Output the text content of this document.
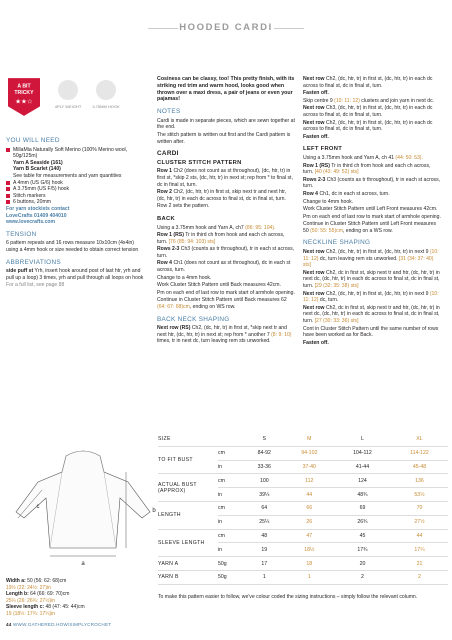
HOODED CARDI
A BIT
TRICKY
★★☆
4PLY WEIGHT	3.75MM HOOK
YOU WILL NEED
MillaMia Naturally Soft Merino (100% Merino wool, 50g/125m)
Yarn A Seaside (161)
Yarn B Scarlet (140)
See table for measurements and yarn quantities
A 4mm (US G/6) hook
A 3.75mm (US F/5) hook
Stitch markers
6 buttons, 20mm
For yarn stockists contact
LoveCrafts 01409 404010
www.lovecrafts.com
TENSION

6 pattern repeats and 16 rows measure 10x10cm (4x4in) using a 4mm hook or size needed to obtain correct tension

ABBREVIATIONS

side puff st Yrh, insert hook around post of last htr, yrh and pull up a loop) 3 times, yrh and pull through all loops on hook

For a full list, see page 88

Cosiness can be classy, too! This pretty finish, with its striking red trim and warm hood, looks good when thrown over a maxi dress, a pair of jeans or even your pajamas!

NOTES

Cardi is made in separate pieces, which are sewn together at the end.

The stitch pattern is written out first and the Cardi pattern is written after.

CARDI
CLUSTER STITCH PATTERN

Row 1 Ch2 (does not count as st throughout), (dc, htr, tr) in first st, *skip 2 sts, (dc, htr, tr) in next st; rep from * to final st, dc in final st, turn.

Row 2 Ch2, (dc, htr, tr) in first st, skip next tr and next htr, (dc, htr, tr) in each dc across to final st, dc in final st, turn.

Row 2 sets the pattern.

BACK

Using a 3.75mm hook and Yarn A, ch7 (86: 95: 104).

Row 1 (RS) Tr in third ch from hook and each ch across, turn. [76 (85: 94: 103) sts]

Rows 2-3 Ch3 (counts as tr throughout), tr in each st across, turn.

Row 4 Ch1 (does not count as st throughout), dc in each st across, turn.

Change to a 4mm hook.

Work Cluster Stitch Pattern until Back measures 42cm.

Pm on each end of last row to mark start of armhole opening.

Continue in Cluster Stitch Pattern until Back measures 62 (64: 67: 68)cm, ending on WS row.

BACK NECK SHAPING

Next row (RS) Ch2, (dc, htr, tr) in first st, *skip next tr and next htr, (dc, htr, tr) in next st; rep from * another 7 (8: 9: 10) times, tr in next dc, turn leaving rem sts unworked.

Next row Ch2, (dc, htr, tr) in first st, (dc, htr, tr) in each dc across to final st, dc in final st, turn.

Fasten off.

Skip centre 9 (10: 11: 12) clusters and join yarn in next dc.

Next row Ch3, (dc, htr, tr) in first st, (dc, htr, tr) in each dc across to final st, dc in final st, turn.

Next row Ch2, (dc, htr, tr) in first st, (dc, htr, tr) in each dc across to final st, dc in final st, turn.

Fasten off.

LEFT FRONT

Using a 3.75mm hook and Yarn A, ch 41 (44: 50: 53).

Row 1 (RS) Tr in third ch from hook and each ch across, turn. [40 (43: 49: 52) sts]

Rows 2-3 Ch3 (counts as tr throughout), tr in each st across, turn.

Row 4 Ch1, dc in each st across, turn.

Change to 4mm hook.

Work Cluster Stitch Pattern until Left Front measures 42cm.

Pm on each end of last row to mark start of armhole opening.

Continue in Cluster Stitch Pattern until Left Front measures 50 (50: 55: 55)cm, ending on a WS row.

NECKLINE SHAPING

Next row Ch2, (dc, htr, tr) in first st, (dc, htr, tr) in next 9 (10: 11: 12) dc, turn leaving rem sts unworked. [31 (34: 37: 40) sts]

Next row Ch2, dc in first st, skip next tr and htr, (dc, htr, tr) in next dc, (dc, htr, tr) in each dc across to final st, dc in final st, turn. [29 (32: 35: 38) sts]

Next row Ch2, (dc, htr, tr) in first st, (dc, htr, tr) in next 9 (10: 11: 12) dc, turn.

Next row Ch2, dc in first st, skip next tr and htr, (dc, htr, tr) in next dc, (dc, htr, tr) in each dc across to final st, dc in final st, turn. [27 (30: 33: 36) sts]

Cont in Cluster Stitch Pattern until the same number of rows have been worked as for Back.

Fasten off.

a
b
c
Width a: 50 (56: 62: 68)cm
19½ (22: 24½: 27)in
Length b: 64 (66: 69: 70)cm
25¼ (26: 26¾: 27½)in
Sleeve length c: 48 (47: 45: 44)cm
19 (18½: 17¾: 17¼)in
SIZE		S	M	L	XL
TO FIT BUST	cm	84-92	94-102	104-112	114-122
	in	33-36	37-40	41-44	45-48
ACTUAL BUST (APPROX)	cm	100	112	124	136
	in	39¼	44	48¾	53½
LENGTH	cm	64	66	69	70
	in	25¼	26	26¾	27½
SLEEVE LENGTH	cm	48	47	45	44
	in	19	18½	17¾	17¼
YARN A	50g	17	18	20	21
YARN B	50g	1	1	2	2
To make this pattern easier to follow, we've colour coded the sizing instructions – simply follow the relevant column.
44 WWW.GATHERED.HOW/SIMPLYCROCHET
